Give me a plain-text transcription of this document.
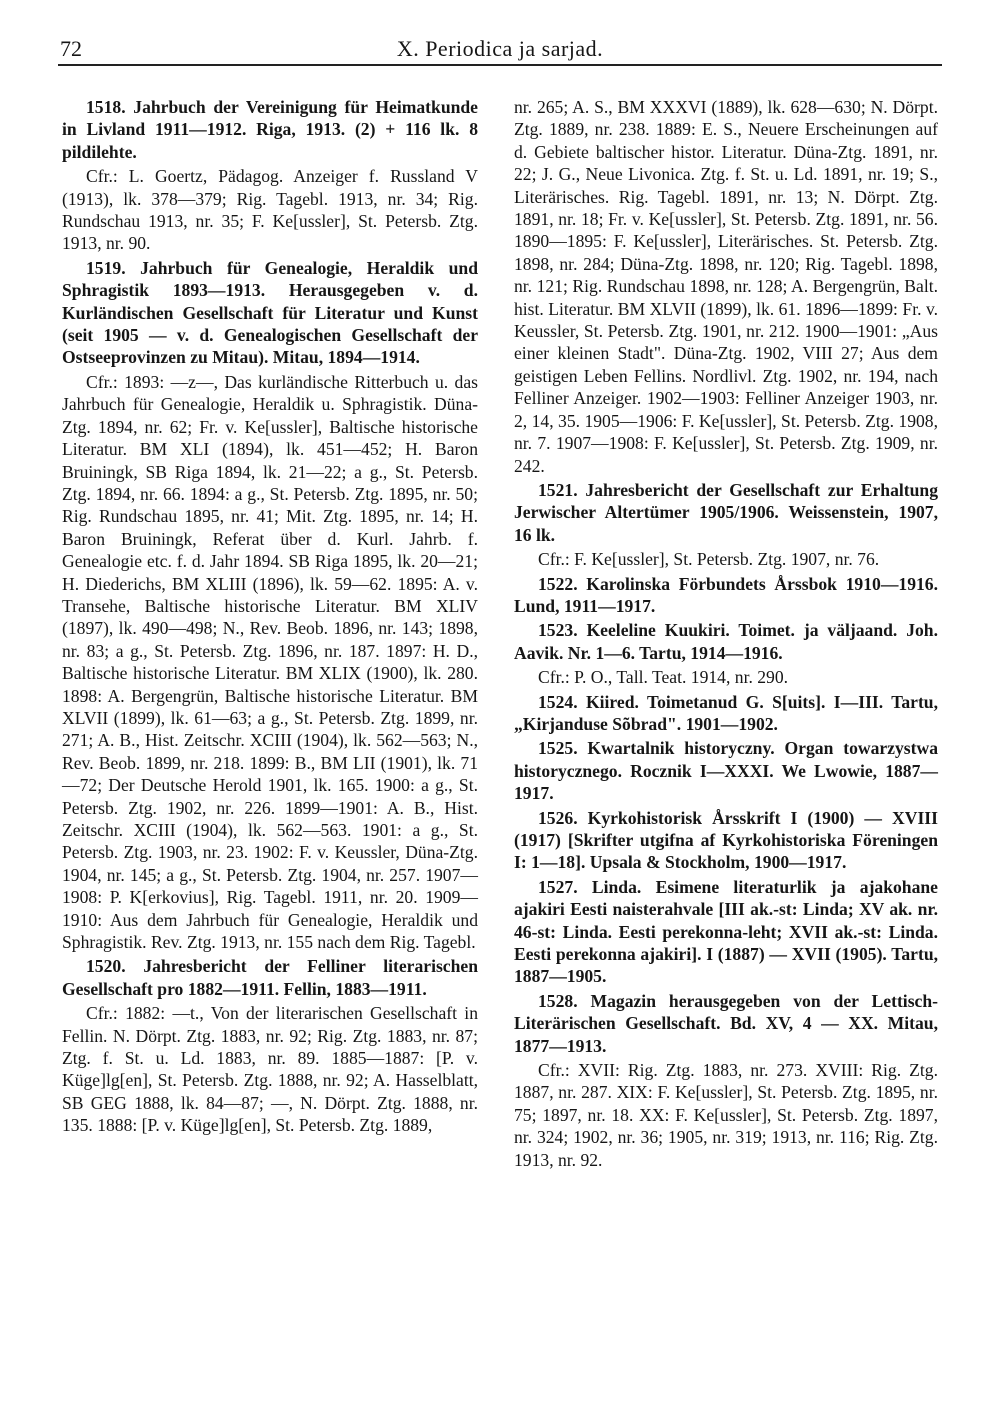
72	X. Periodica ja sarjad.

1518. Jahrbuch der Vereinigung für Heimatkunde in Livland 1911—1912. Riga, 1913. (2) + 116 lk. 8 pildilehte.

Cfr.: L. Goertz, Pädagog. Anzeiger f. Russland V (1913), lk. 378—379; Rig. Tagebl. 1913, nr. 34; Rig. Rundschau 1913, nr. 35; F. Ke[ussler], St. Petersb. Ztg. 1913, nr. 90.

1519. Jahrbuch für Genealogie, Heraldik und Sphragistik 1893—1913. Herausgegeben v. d. Kurländischen Gesellschaft für Literatur und Kunst (seit 1905 — v. d. Genealogischen Gesellschaft der Ostseeprovinzen zu Mitau). Mitau, 1894—1914.

Cfr.: 1893: —z—, Das kurländische Ritterbuch u. das Jahrbuch für Genealogie, Heraldik u. Sphragistik. Düna-Ztg. 1894, nr. 62; Fr. v. Ke[ussler], Baltische historische Literatur. BM XLI (1894), lk. 451—452; H. Baron Bruiningk, SB Riga 1894, lk. 21—22; a g., St. Petersb. Ztg. 1894, nr. 66. 1894: a g., St. Petersb. Ztg. 1895, nr. 50; Rig. Rundschau 1895, nr. 41; Mit. Ztg. 1895, nr. 14; H. Baron Bruiningk, Referat über d. Kurl. Jahrb. f. Genealogie etc. f. d. Jahr 1894. SB Riga 1895, lk. 20—21; H. Diederichs, BM XLIII (1896), lk. 59—62. 1895: A. v. Transehe, Baltische historische Literatur. BM XLIV (1897), lk. 490—498; N., Rev. Beob. 1896, nr. 143; 1898, nr. 83; a g., St. Petersb. Ztg. 1896, nr. 187. 1897: H. D., Baltische historische Literatur. BM XLIX (1900), lk. 280. 1898: A. Bergengrün, Baltische historische Literatur. BM XLVII (1899), lk. 61—63; a g., St. Petersb. Ztg. 1899, nr. 271; A. B., Hist. Zeitschr. XCIII (1904), lk. 562—563; N., Rev. Beob. 1899, nr. 218. 1899: B., BM LII (1901), lk. 71—72; Der Deutsche Herold 1901, lk. 165. 1900: a g., St. Petersb. Ztg. 1902, nr. 226. 1899—1901: A. B., Hist. Zeitschr. XCIII (1904), lk. 562—563. 1901: a g., St. Petersb. Ztg. 1903, nr. 23. 1902: F. v. Keussler, Düna-Ztg. 1904, nr. 145; a g., St. Petersb. Ztg. 1904, nr. 257. 1907—1908: P. K[erkovius], Rig. Tagebl. 1911, nr. 20. 1909—1910: Aus dem Jahrbuch für Genealogie, Heraldik und Sphragistik. Rev. Ztg. 1913, nr. 155 nach dem Rig. Tagebl.

1520. Jahresbericht der Felliner literarischen Gesellschaft pro 1882—1911. Fellin, 1883—1911.

Cfr.: 1882: —t., Von der literarischen Gesellschaft in Fellin. N. Dörpt. Ztg. 1883, nr. 92; Rig. Ztg. 1883, nr. 87; Ztg. f. St. u. Ld. 1883, nr. 89. 1885—1887: [P. v. Küge]lg[en], St. Petersb. Ztg. 1888, nr. 92; A. Hasselblatt, SB GEG 1888, lk. 84—87; —, N. Dörpt. Ztg. 1888, nr. 135. 1888: [P. v. Küge]lg[en], St. Petersb. Ztg. 1889,

nr. 265; A. S., BM XXXVI (1889), lk. 628—630; N. Dörpt. Ztg. 1889, nr. 238. 1889: E. S., Neuere Erscheinungen auf d. Gebiete baltischer histor. Literatur. Düna-Ztg. 1891, nr. 22; J. G., Neue Livonica. Ztg. f. St. u. Ld. 1891, nr. 19; S., Literärisches. Rig. Tagebl. 1891, nr. 13; N. Dörpt. Ztg. 1891, nr. 18; Fr. v. Ke[ussler], St. Petersb. Ztg. 1891, nr. 56. 1890—1895: F. Ke[ussler], Literärisches. St. Petersb. Ztg. 1898, nr. 284; Düna-Ztg. 1898, nr. 120; Rig. Tagebl. 1898, nr. 121; Rig. Rundschau 1898, nr. 128; A. Bergengrün, Balt. hist. Literatur. BM XLVII (1899), lk. 61. 1896—1899: Fr. v. Keussler, St. Petersb. Ztg. 1901, nr. 212. 1900—1901: „Aus einer kleinen Stadt". Düna-Ztg. 1902, VIII 27; Aus dem geistigen Leben Fellins. Nordlivl. Ztg. 1902, nr. 194, nach Felliner Anzeiger. 1902—1903: Felliner Anzeiger 1903, nr. 2, 14, 35. 1905—1906: F. Ke[ussler], St. Petersb. Ztg. 1908, nr. 7. 1907—1908: F. Ke[ussler], St. Petersb. Ztg. 1909, nr. 242.

1521. Jahresbericht der Gesellschaft zur Erhaltung Jerwischer Altertümer 1905/1906. Weissenstein, 1907, 16 lk.

Cfr.: F. Ke[ussler], St. Petersb. Ztg. 1907, nr. 76.

1522. Karolinska Förbundets Årssbok 1910—1916. Lund, 1911—1917.

1523. Keeleline Kuukiri. Toimet. ja väljaand. Joh. Aavik. Nr. 1—6. Tartu, 1914—1916.

Cfr.: P. O., Tall. Teat. 1914, nr. 290.

1524. Kiired. Toimetanud G. S[uits]. I—III. Tartu, „Kirjanduse Sõbrad". 1901—1902.

1525. Kwartalnik historyczny. Organ towarzystwa historycznego. Rocznik I—XXXI. We Lwowie, 1887—1917.

1526. Kyrkohistorisk Årsskrift I (1900) — XVIII (1917) [Skrifter utgifna af Kyrkohistoriska Föreningen I: 1—18]. Upsala & Stockholm, 1900—1917.

1527. Linda. Esimene literaturlik ja ajakohane ajakiri Eesti naisterahvale [III ak.-st: Linda; XV ak. nr. 46-st: Linda. Eesti perekonna-leht; XVII ak.-st: Linda. Eesti perekonna ajakiri]. I (1887) — XVII (1905). Tartu, 1887—1905.

1528. Magazin herausgegeben von der Lettisch-Literärischen Gesellschaft. Bd. XV, 4 — XX. Mitau, 1877—1913.

Cfr.: XVII: Rig. Ztg. 1883, nr. 273. XVIII: Rig. Ztg. 1887, nr. 287. XIX: F. Ke[ussler], St. Petersb. Ztg. 1895, nr. 75; 1897, nr. 18. XX: F. Ke[ussler], St. Petersb. Ztg. 1897, nr. 324; 1902, nr. 36; 1905, nr. 319; 1913, nr. 116; Rig. Ztg. 1913, nr. 92.
